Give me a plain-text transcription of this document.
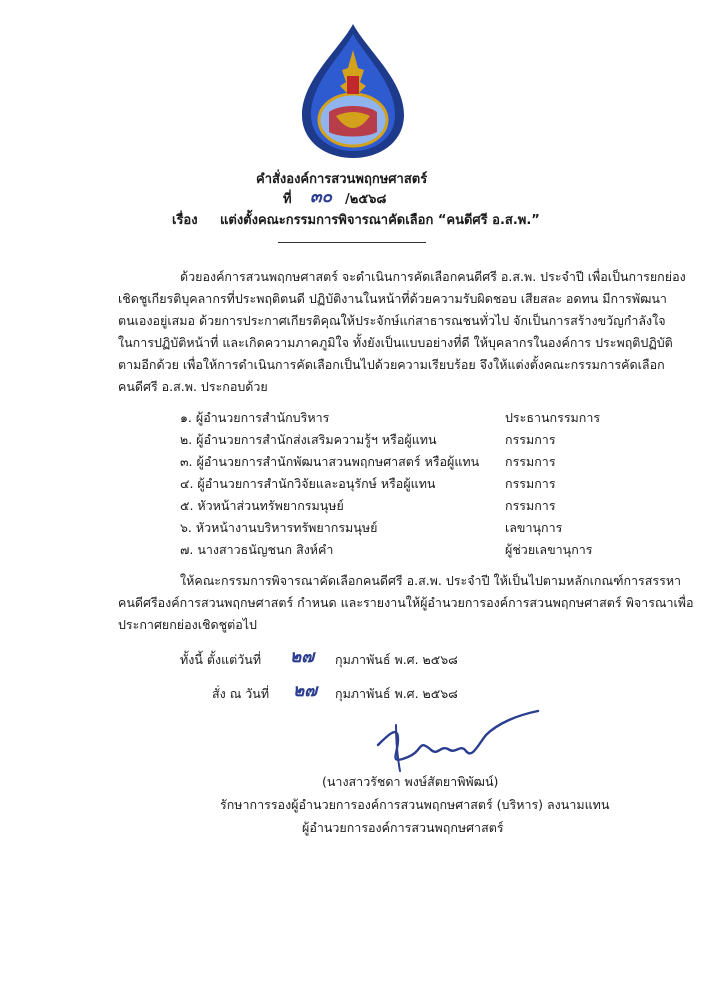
คำสั่งองค์การสวนพฤกษศาสตร์
ที่ ๓๐ /๒๕๖๘
เรื่อง แต่งตั้งคณะกรรมการพิจารณาคัดเลือก “คนดีศรี อ.ส.พ.”
ด้วยองค์การสวนพฤกษศาสตร์ จะดำเนินการคัดเลือกคนดีศรี อ.ส.พ. ประจำปี เพื่อเป็นการยกย่อง
เชิดชูเกียรติบุคลากรที่ประพฤติตนดี ปฏิบัติงานในหน้าที่ด้วยความรับผิดชอบ เสียสละ อดทน มีการพัฒนา
ตนเองอยู่เสมอ ด้วยการประกาศเกียรติคุณให้ประจักษ์แก่สาธารณชนทั่วไป จักเป็นการสร้างขวัญกำลังใจ
ในการปฏิบัติหน้าที่ และเกิดความภาคภูมิใจ ทั้งยังเป็นแบบอย่างที่ดี ให้บุคลากรในองค์การ ประพฤติปฏิบัติ
ตามอีกด้วย เพื่อให้การดำเนินการคัดเลือกเป็นไปด้วยความเรียบร้อย จึงให้แต่งตั้งคณะกรรมการคัดเลือก
คนดีศรี อ.ส.พ. ประกอบด้วย
๑. ผู้อำนวยการสำนักบริหาร	ประธานกรรมการ
๒. ผู้อำนวยการสำนักส่งเสริมความรู้ฯ หรือผู้แทน	กรรมการ
๓. ผู้อำนวยการสำนักพัฒนาสวนพฤกษศาสตร์ หรือผู้แทน กรรมการ
๔. ผู้อำนวยการสำนักวิจัยและอนุรักษ์ หรือผู้แทน	กรรมการ
๕. หัวหน้าส่วนทรัพยากรมนุษย์	กรรมการ
๖. หัวหน้างานบริหารทรัพยากรมนุษย์	เลขานุการ
๗. นางสาวธนัญชนก สิงห์คำ	ผู้ช่วยเลขานุการ
ให้คณะกรรมการพิจารณาคัดเลือกคนดีศรี อ.ส.พ. ประจำปี ให้เป็นไปตามหลักเกณฑ์การสรรหา
คนดีศรีองค์การสวนพฤกษศาสตร์ กำหนด และรายงานให้ผู้อำนวยการองค์การสวนพฤกษศาสตร์ พิจารณาเพื่อ
ประกาศยกย่องเชิดชูต่อไป
ทั้งนี้ ตั้งแต่วันที่ ๒๗ กุมภาพันธ์ พ.ศ. ๒๕๖๘
สั่ง ณ วันที่ ๒๗ กุมภาพันธ์ พ.ศ. ๒๕๖๘
(นางสาวรัชดา พงษ์สัตยาพิพัฒน์)
รักษาการรองผู้อำนวยการองค์การสวนพฤกษศาสตร์ (บริหาร) ลงนามแทน
ผู้อำนวยการองค์การสวนพฤกษศาสตร์
